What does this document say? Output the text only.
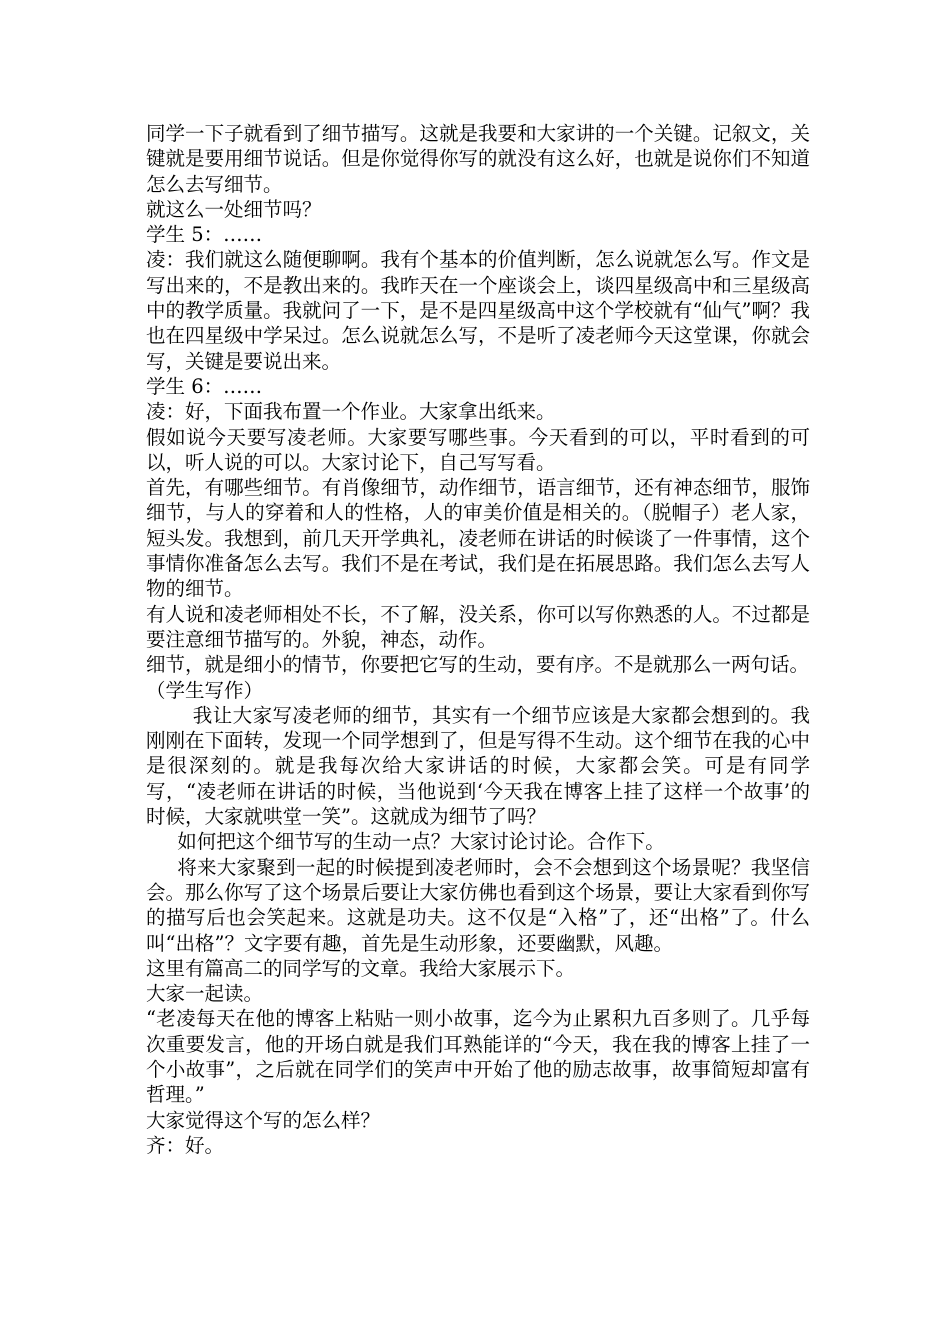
同学一下子就看到了细节描写。这就是我要和大家讲的一个关键。记叙文，关键就是要用细节说话。但是你觉得你写的就没有这么好，也就是说你们不知道怎么去写细节。

就这么一处细节吗？

学生 5：……

凌：我们就这么随便聊啊。我有个基本的价值判断，怎么说就怎么写。作文是写出来的，不是教出来的。我昨天在一个座谈会上，谈四星级高中和三星级高中的教学质量。我就问了一下，是不是四星级高中这个学校就有“仙气”啊？我也在四星级中学呆过。怎么说就怎么写，不是听了凌老师今天这堂课，你就会写，关键是要说出来。

学生 6：……

凌：好，下面我布置一个作业。大家拿出纸来。

假如说今天要写凌老师。大家要写哪些事。今天看到的可以，平时看到的可以，听人说的可以。大家讨论下，自己写写看。

首先，有哪些细节。有肖像细节，动作细节，语言细节，还有神态细节，服饰细节，与人的穿着和人的性格，人的审美价值是相关的。（脱帽子）老人家，短头发。我想到，前几天开学典礼，凌老师在讲话的时候谈了一件事情，这个事情你准备怎么去写。我们不是在考试，我们是在拓展思路。我们怎么去写人物的细节。

有人说和凌老师相处不长，不了解，没关系，你可以写你熟悉的人。不过都是要注意细节描写的。外貌，神态，动作。

细节，就是细小的情节，你要把它写的生动，要有序。不是就那么一两句话。

（学生写作）

我让大家写凌老师的细节，其实有一个细节应该是大家都会想到的。我刚刚在下面转，发现一个同学想到了，但是写得不生动。这个细节在我的心中是很深刻的。就是我每次给大家讲话的时候，大家都会笑。可是有同学写，“凌老师在讲话的时候，当他说到‘今天我在博客上挂了这样一个故事’的时候，大家就哄堂一笑”。这就成为细节了吗？

如何把这个细节写的生动一点？大家讨论讨论。合作下。

将来大家聚到一起的时候提到凌老师时，会不会想到这个场景呢？我坚信会。那么你写了这个场景后要让大家仿佛也看到这个场景，要让大家看到你写的描写后也会笑起来。这就是功夫。这不仅是“入格”了，还“出格”了。什么叫“出格”？文字要有趣，首先是生动形象，还要幽默，风趣。

这里有篇高二的同学写的文章。我给大家展示下。

大家一起读。

“老凌每天在他的博客上粘贴一则小故事，迄今为止累积九百多则了。几乎每次重要发言，他的开场白就是我们耳熟能详的“今天，我在我的博客上挂了一个小故事”，之后就在同学们的笑声中开始了他的励志故事，故事简短却富有哲理。”

大家觉得这个写的怎么样？

齐：好。
